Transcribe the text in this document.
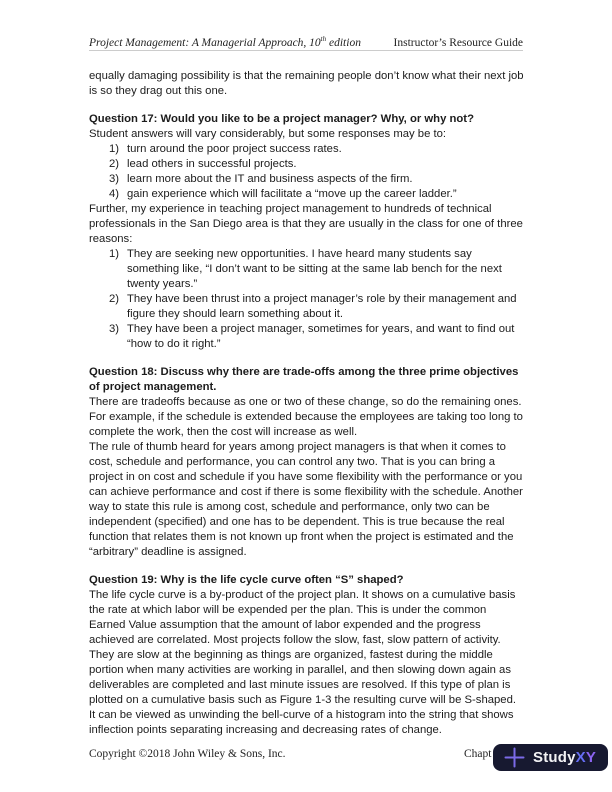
Project Management: A Managerial Approach, 10th edition	Instructor’s Resource Guide

equally damaging possibility is that the remaining people don’t know what their next job is so they drag out this one.

Question 17: Would you like to be a project manager? Why, or why not?

Student answers will vary considerably, but some responses may be to:

1) turn around the poor project success rates.
2) lead others in successful projects.
3) learn more about the IT and business aspects of the firm.
4) gain experience which will facilitate a “move up the career ladder.”

Further, my experience in teaching project management to hundreds of technical professionals in the San Diego area is that they are usually in the class for one of three reasons:

1) They are seeking new opportunities. I have heard many students say something like, “I don’t want to be sitting at the same lab bench for the next twenty years.”
2) They have been thrust into a project manager’s role by their management and figure they should learn something about it.
3) They have been a project manager, sometimes for years, and want to find out “how to do it right.”

Question 18: Discuss why there are trade-offs among the three prime objectives of project management.

There are tradeoffs because as one or two of these change, so do the remaining ones. For example, if the schedule is extended because the employees are taking too long to complete the work, then the cost will increase as well.

The rule of thumb heard for years among project managers is that when it comes to cost, schedule and performance, you can control any two. That is you can bring a project in on cost and schedule if you have some flexibility with the performance or you can achieve performance and cost if there is some flexibility with the schedule. Another way to state this rule is among cost, schedule and performance, only two can be independent (specified) and one has to be dependent. This is true because the real function that relates them is not known up front when the project is estimated and the “arbitrary” deadline is assigned.

Question 19: Why is the life cycle curve often “S” shaped?

The life cycle curve is a by-product of the project plan. It shows on a cumulative basis the rate at which labor will be expended per the plan. This is under the common Earned Value assumption that the amount of labor expended and the progress achieved are correlated. Most projects follow the slow, fast, slow pattern of activity. They are slow at the beginning as things are organized, fastest during the middle portion when many activities are working in parallel, and then slowing down again as deliverables are completed and last minute issues are resolved. If this type of plan is plotted on a cumulative basis such as Figure 1-3 the resulting curve will be S-shaped. It can be viewed as unwinding the bell-curve of a histogram into the string that shows inflection points separating increasing and decreasing rates of change.

Copyright ©2018 John Wiley & Sons, Inc.	Chapt	StudyXY
